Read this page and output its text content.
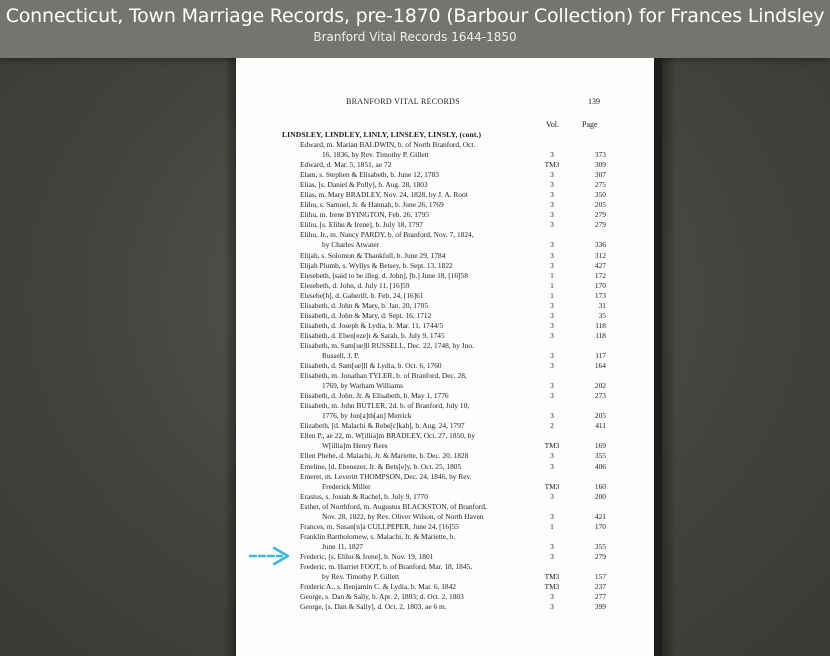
Connecticut, Town Marriage Records, pre-1870 (Barbour Collection) for Frances Lindsley
Branford Vital Records 1644-1850
BRANFORD VITAL RECORDS	139
Vol.	Page
LINDSLEY, LINDLEY, LINLY, LINSLEY, LINSLY, (cont.)
Edward, m. Marian BALDWIN, b. of North Branford, Oct.
16, 1836, by Rev. Timothy P. Gillett	3	373
Edward, d. Mar. 5, 1851, ae 72	TM3	309
Elam, s. Stephen & Elisabeth, b. June 12, 1783	3	307
Elias, [s. Daniel & Polly], b. Aug. 28, 1803	3	275
Elias, m. Mary BRADLEY, Nov. 24, 1828, by J. A. Root	3	350
Elihu, s. Samuel, Jr. & Hannah, b. June 26, 1769	3	205
Elihu, m. Irene BYINGTON, Feb. 26, 1795	3	279
Elihu, [s. Elihu & Irene], b. July 18, 1797	3	279
Elihu, Jr., m. Nancy PARDY, b. of Branford, Nov. 7, 1824,
by Charles Atwater	3	336
Elijah, s. Solomon & Thankfull, b. June 29, 1784	3	312
Elijah Plumb, s. Wyllys & Betsey, b. Sept. 13, 1822	3	427
Elesebeth, [said to be illeg. d. John], [b.] June 18, [16]58	1	172
Elesebeth, d. John, d. July 11, [16]59	1	170
Elesebe[h], d. Gaberill, b. Feb. 24, [16]61	1	173
Elisabeth, d. John & Mary, b. Jan. 20, 1705	3	31
Elisabeth, d. John & Mary, d. Sept. 16, 1712	3	35
Elisabeth, d. Joseph & Lydia, b. Mar. 11, 1744/5	3	118
Elisabeth, d. Eben[eze]r & Sarah, b. July 9, 1745	3	118
Elisabeth, m. Sam[ue]ll RUSSELL, Dec. 22, 1748, by Jno.
Russell, J. P.	3	117
Elisabeth, d. Sam[ue]ll & Lydia, b. Oct. 6, 1760	3	164
Elisabeth, m. Jonathan TYLER, b. of Branford, Dec. 28,
1769, by Warham Williams	3	202
Elisabeth, d. John, Jr. & Elisabeth, b. May 1, 1776	3	273
Elisabeth, m. John BUTLER, 2d. b. of Branford, July 10,
1776, by Jon[a]th[an] Merrick	3	205
Elizabeth, [d. Malachi & Rebe[c]kah], b. Aug. 24, 1797	2	411
Ellen P., ae 22, m. W[illia]m BRADLEY, Oct. 27, 1850, by
W[illia]m Henry Rees	TM3	169
Ellen Phebe, d. Malachi, Jr. & Mariette, b. Dec. 20, 1828	3	355
Emeline, [d. Ebenezer, Jr. & Bets[e]y, b. Oct. 25, 1805	3	406
Emeret, m. Leveritt THOMPSON, Dec. 24, 1846, by Rev.
Frederick Miller	TM3	160
Erastus, s. Josiah & Rachel, b. July 9, 1770	3	200
Esther, of Northford, m. Augustus BLACKSTON, of Branford,
Nov. 28, 1822, by Rev. Oliver Wilson, of North Haven	3	421
Frances, m. Susan[n]a CULLPEPER, June 24, [16]55	1	170
Franklin Bartholomew, s. Malachi, Jr. & Mariette, b.
June 11, 1827	3	355
Frederic, [s. Elihu & Irene], b. Nov. 19, 1801	3	279
Frederic, m. Harriet FOOT, b. of Branford, Mar. 18, 1845,
by Rev. Timothy P. Gillett	TM3	157
Frederic A., s. Benjamin C. & Lydia, b. Mar. 6, 1842	TM3	237
George, s. Dan & Sally, b. Apr. 2, 1803; d. Oct. 2, 1803	3	277
George, [s. Dan & Sally], d. Oct. 2, 1803, ae 6 m.	3	399
